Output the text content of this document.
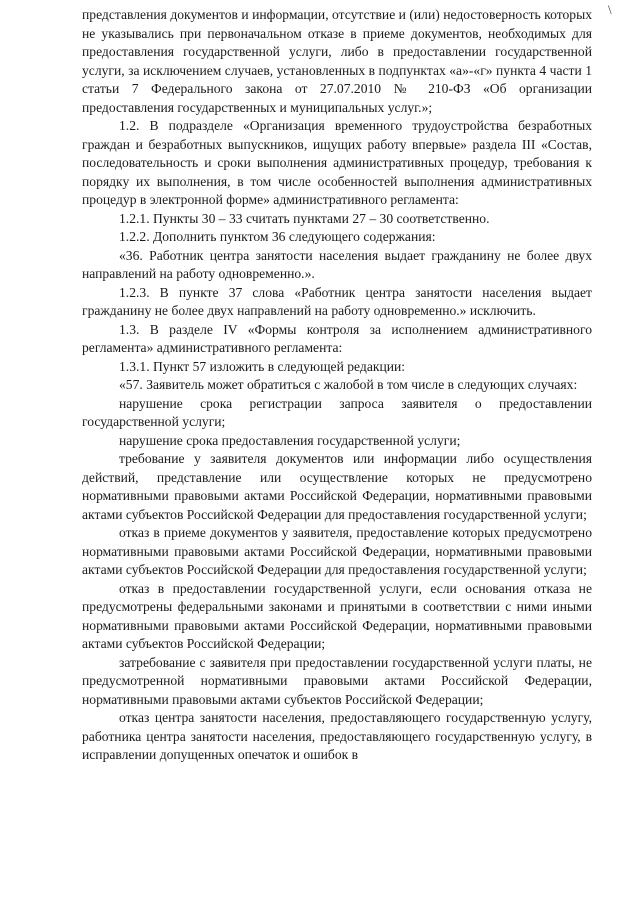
\

представления документов и информации, отсутствие и (или) недостоверность которых не указывались при первоначальном отказе в приеме документов, необходимых для предоставления государственной услуги, либо в предоставлении государственной услуги, за исключением случаев, установленных в подпунктах «а»-«г» пункта 4 части 1 статьи 7 Федерального закона от 27.07.2010 № 210-ФЗ «Об организации предоставления государственных и муниципальных услуг.»;

1.2. В подразделе «Организация временного трудоустройства безработных граждан и безработных выпускников, ищущих работу впервые» раздела III «Состав, последовательность и сроки выполнения административных процедур, требования к порядку их выполнения, в том числе особенностей выполнения административных процедур в электронной форме» административного регламента:

1.2.1. Пункты 30 – 33 считать пунктами 27 – 30 соответственно.

1.2.2. Дополнить пунктом 36 следующего содержания:

«36. Работник центра занятости населения выдает гражданину не более двух направлений на работу одновременно.».

1.2.3. В пункте 37 слова «Работник центра занятости населения выдает гражданину не более двух направлений на работу одновременно.» исключить.

1.3. В разделе IV «Формы контроля за исполнением административного регламента» административного регламента:

1.3.1. Пункт 57 изложить в следующей редакции:

«57. Заявитель может обратиться с жалобой в том числе в следующих случаях:

нарушение срока регистрации запроса заявителя о предоставлении государственной услуги;

нарушение срока предоставления государственной услуги;

требование у заявителя документов или информации либо осуществления действий, представление или осуществление которых не предусмотрено нормативными правовыми актами Российской Федерации, нормативными правовыми актами субъектов Российской Федерации для предоставления государственной услуги;

отказ в приеме документов у заявителя, предоставление которых предусмотрено нормативными правовыми актами Российской Федерации, нормативными правовыми актами субъектов Российской Федерации для предоставления государственной услуги;

отказ в предоставлении государственной услуги, если основания отказа не предусмотрены федеральными законами и принятыми в соответствии с ними иными нормативными правовыми актами Российской Федерации, нормативными правовыми актами субъектов Российской Федерации;

затребование с заявителя при предоставлении государственной услуги платы, не предусмотренной нормативными правовыми актами Российской Федерации, нормативными правовыми актами субъектов Российской Федерации;

отказ центра занятости населения, предоставляющего государственную услугу, работника центра занятости населения, предоставляющего государственную услугу, в исправлении допущенных опечаток и ошибок в
